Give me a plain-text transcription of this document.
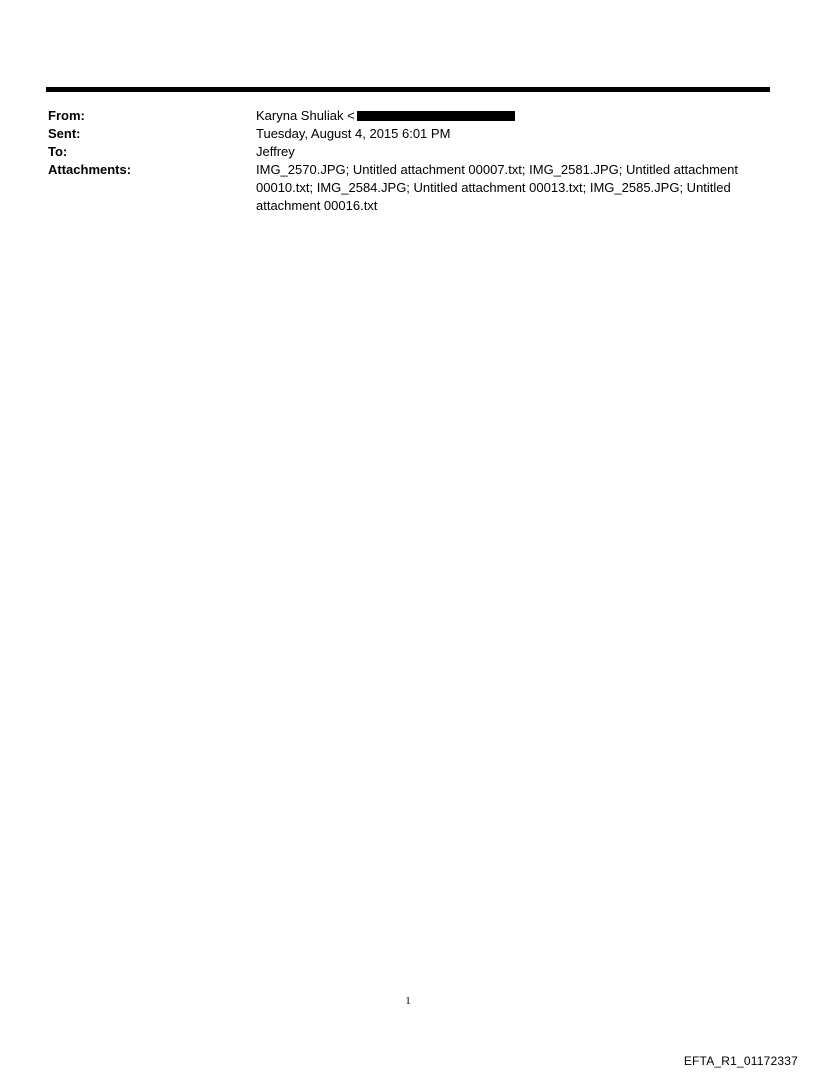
From:	Karyna Shuliak <
Sent:	Tuesday, August 4, 2015 6:01 PM
To:	Jeffrey
Attachments:	IMG_2570.JPG; Untitled attachment 00007.txt; IMG_2581.JPG; Untitled attachment 00010.txt; IMG_2584.JPG; Untitled attachment 00013.txt; IMG_2585.JPG; Untitled attachment 00016.txt
1
EFTA_R1_01172337
